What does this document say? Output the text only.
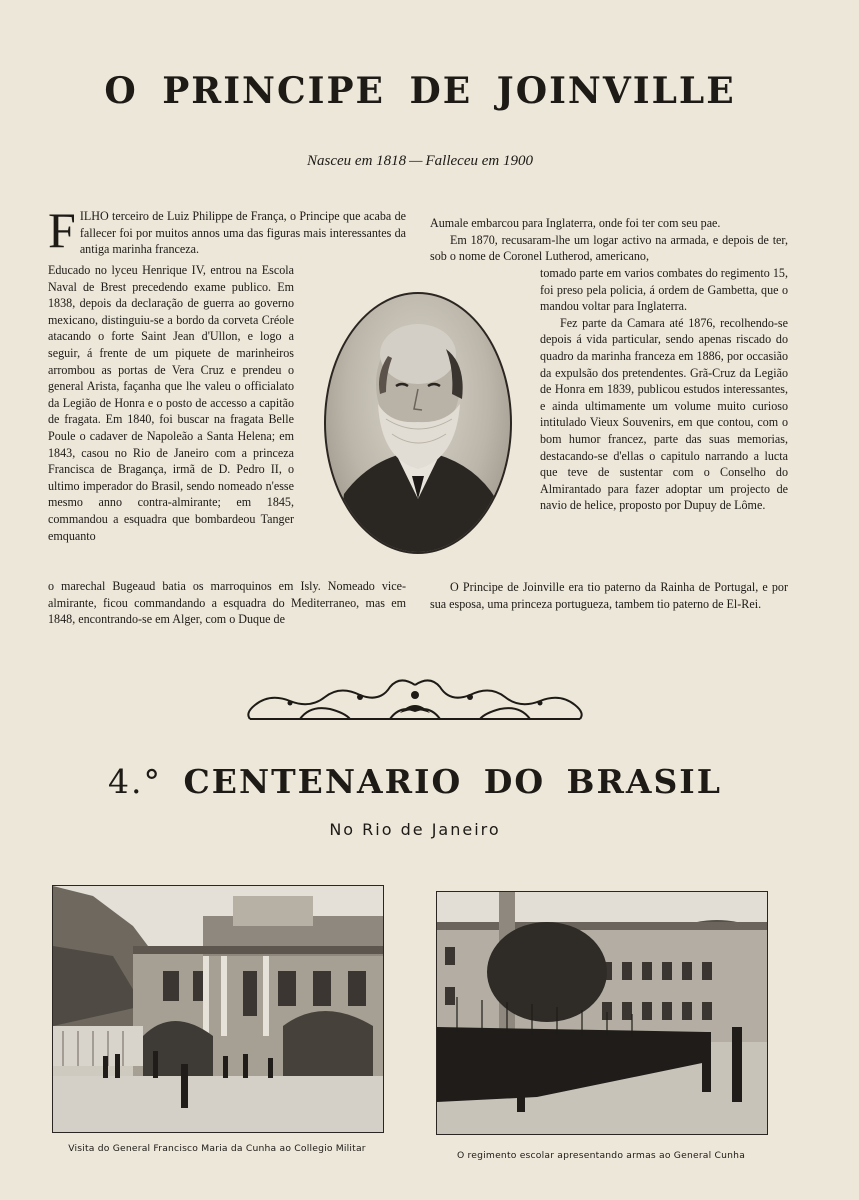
O PRINCIPE DE JOINVILLE
Nasceu em 1818 — Falleceu em 1900

FILHO terceiro de Luiz Philippe de França, o Principe que acaba de fallecer foi por muitos annos uma das figuras mais interessantes da antiga marinha franceza.

Educado no lyceu Henrique IV, entrou na Escola Naval de Brest precedendo exame publico. Em 1838, depois da declaração de guerra ao governo mexicano, distinguiu-se a bordo da corveta Créole atacando o forte Saint Jean d'Ullon, e logo a seguir, á frente de um piquete de marinheiros arrombou as portas de Vera Cruz e prendeu o general Arista, façanha que lhe valeu o officialato da Legião de Honra e o posto de accesso a capitão de fragata. Em 1840, foi buscar na fragata Belle Poule o cadaver de Napoleão a Santa Helena; em 1843, casou no Rio de Janeiro com a princeza Francisca de Bragança, irmã de D. Pedro II, o ultimo imperador do Brasil, sendo nomeado n'esse mesmo anno contra-almirante; em 1845, commandou a esquadra que bombardeou Tanger emquanto

o marechal Bugeaud batia os marroquinos em Isly. Nomeado vice-almirante, ficou commandando a esquadra do Mediterraneo, mas em 1848, encontrando-se em Alger, com o Duque de

Aumale embarcou para Inglaterra, onde foi ter com seu pae.

Em 1870, recusaram-lhe um logar activo na armada, e depois de ter, sob o nome de Coronel Lutherod, americano,

tomado parte em varios combates do regimento 15, foi preso pela policia, á ordem de Gambetta, que o mandou voltar para Inglaterra.

Fez parte da Camara até 1876, recolhendo-se depois á vida particular, sendo apenas riscado do quadro da marinha franceza em 1886, por occasião da expulsão dos pretendentes. Grã-Cruz da Legião de Honra em 1839, publicou estudos interessantes, e ainda ultimamente um volume muito curioso intitulado Vieux Souvenirs, em que contou, com o bom humor francez, parte das suas memorias, destacando-se d'ellas o capitulo narrando a lucta que teve de sustentar com o Conselho do Almirantado para fazer adoptar um projecto de navio de helice, proposto por Dupuy de Lôme.

O Principe de Joinville era tio paterno da Rainha de Portugal, e por sua esposa, uma princeza portugueza, tambem tio paterno de El-Rei.

4.° CENTENARIO DO BRASIL
No Rio de Janeiro
Visita do General Francisco Maria da Cunha ao Collegio Militar
O regimento escolar apresentando armas ao General Cunha
